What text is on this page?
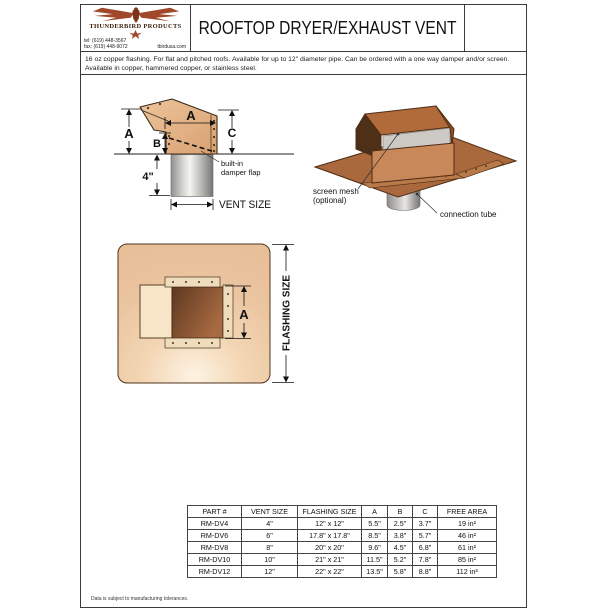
THUNDERBIRD PRODUCTS
tel: (619) 448-3567
fax: (619) 448-9072	tbirdusa.com
ROOFTOP DRYER/EXHAUST VENT
16 oz copper flashing. For flat and pitched roofs. Available for up to 12" diameter pipe. Can be ordered with a one way damper and/or screen. Available in copper, hammered copper, or stainless steel.
A
A
B
C
4"
VENT SIZE
built-in
damper flap
screen mesh
(optional)
connection tube
A	FLASHING SIZE
PART #	VENT SIZE	FLASHING SIZE	A	B	C	FREE AREA
RM-DV4	4"	12" x 12"	5.5"	2.5"	3.7"	19 in²
RM-DV6	6"	17.8" x 17.8"	8.5"	3.8"	5.7"	46 in²
RM-DV8	8"	20" x 20"	9.6"	4.5"	6.8"	61 in²
RM-DV10	10"	21" x 21"	11.5"	5.2"	7.8"	85 in²
RM-DV12	12"	22" x 22"	13.5"	5.8"	8.8"	112 in²
Data is subject to manufacturing tolerances.
